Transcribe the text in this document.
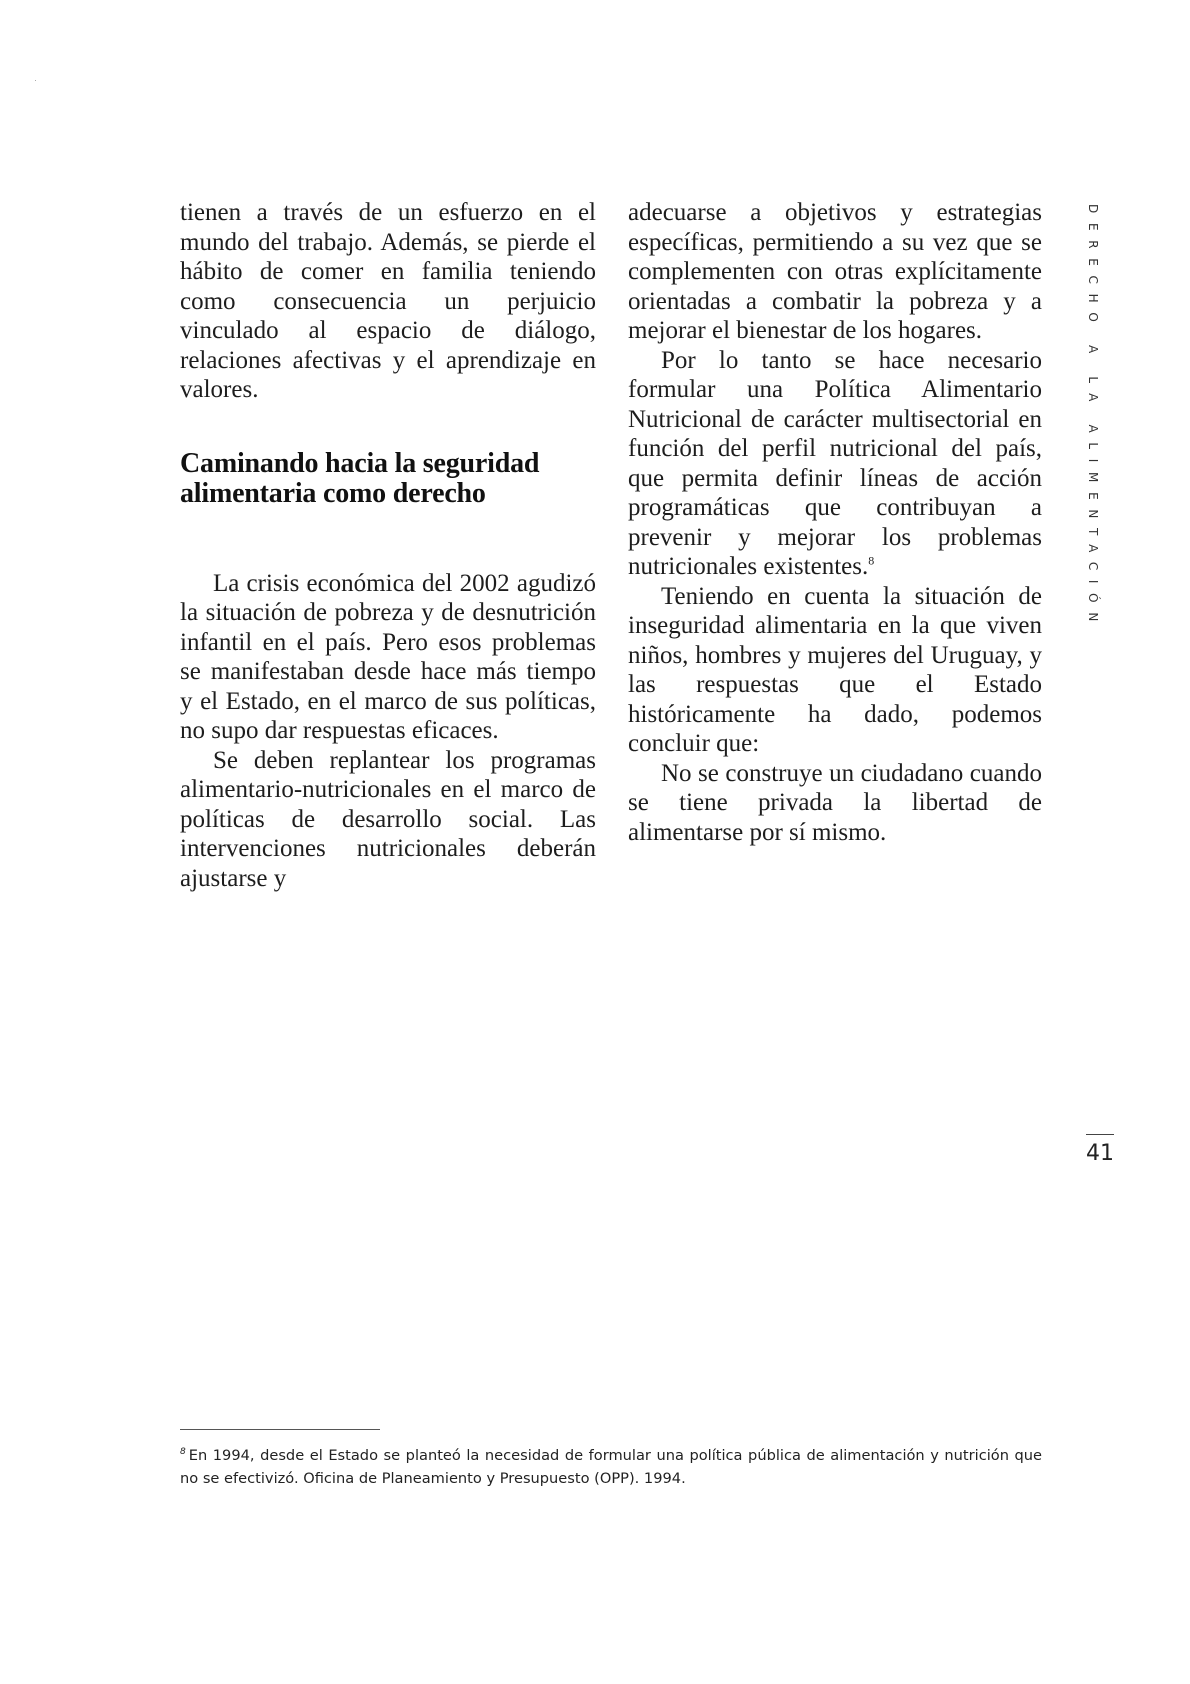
tienen a través de un esfuerzo en el mundo del trabajo. Además, se pierde el hábito de comer en familia teniendo como consecuencia un perjuicio vinculado al espacio de diálogo, relaciones afectivas y el aprendizaje en valores.

Caminando hacia la seguridad alimentaria como derecho

La crisis económica del 2002 agudizó la situación de pobreza y de desnutrición infantil en el país. Pero esos problemas se manifestaban desde hace más tiempo y el Estado, en el marco de sus políticas, no supo dar respuestas eficaces.

Se deben replantear los programas alimentario-nutricionales en el marco de políticas de desarrollo social. Las intervenciones nutricionales deberán ajustarse y

adecuarse a objetivos y estrategias específicas, permitiendo a su vez que se complementen con otras explícitamente orientadas a combatir la pobreza y a mejorar el bienestar de los hogares.

Por lo tanto se hace necesario formular una Política Alimentario Nutricional de carácter multisectorial en función del perfil nutricional del país, que permita definir líneas de acción programáticas que contribuyan a prevenir y mejorar los problemas nutricionales existentes.$^8$

Teniendo en cuenta la situación de inseguridad alimentaria en la que viven niños, hombres y mujeres del Uruguay, y las respuestas que el Estado históricamente ha dado, podemos concluir que:

No se construye un ciudadano cuando se tiene privada la libertad de alimentarse por sí mismo.

DERECHO A LA ALIMENTACIÓN
41
$^8$ En 1994, desde el Estado se planteó la necesidad de formular una política pública de alimentación y nutrición que no se efectivizó. Oficina de Planeamiento y Presupuesto (OPP). 1994.
